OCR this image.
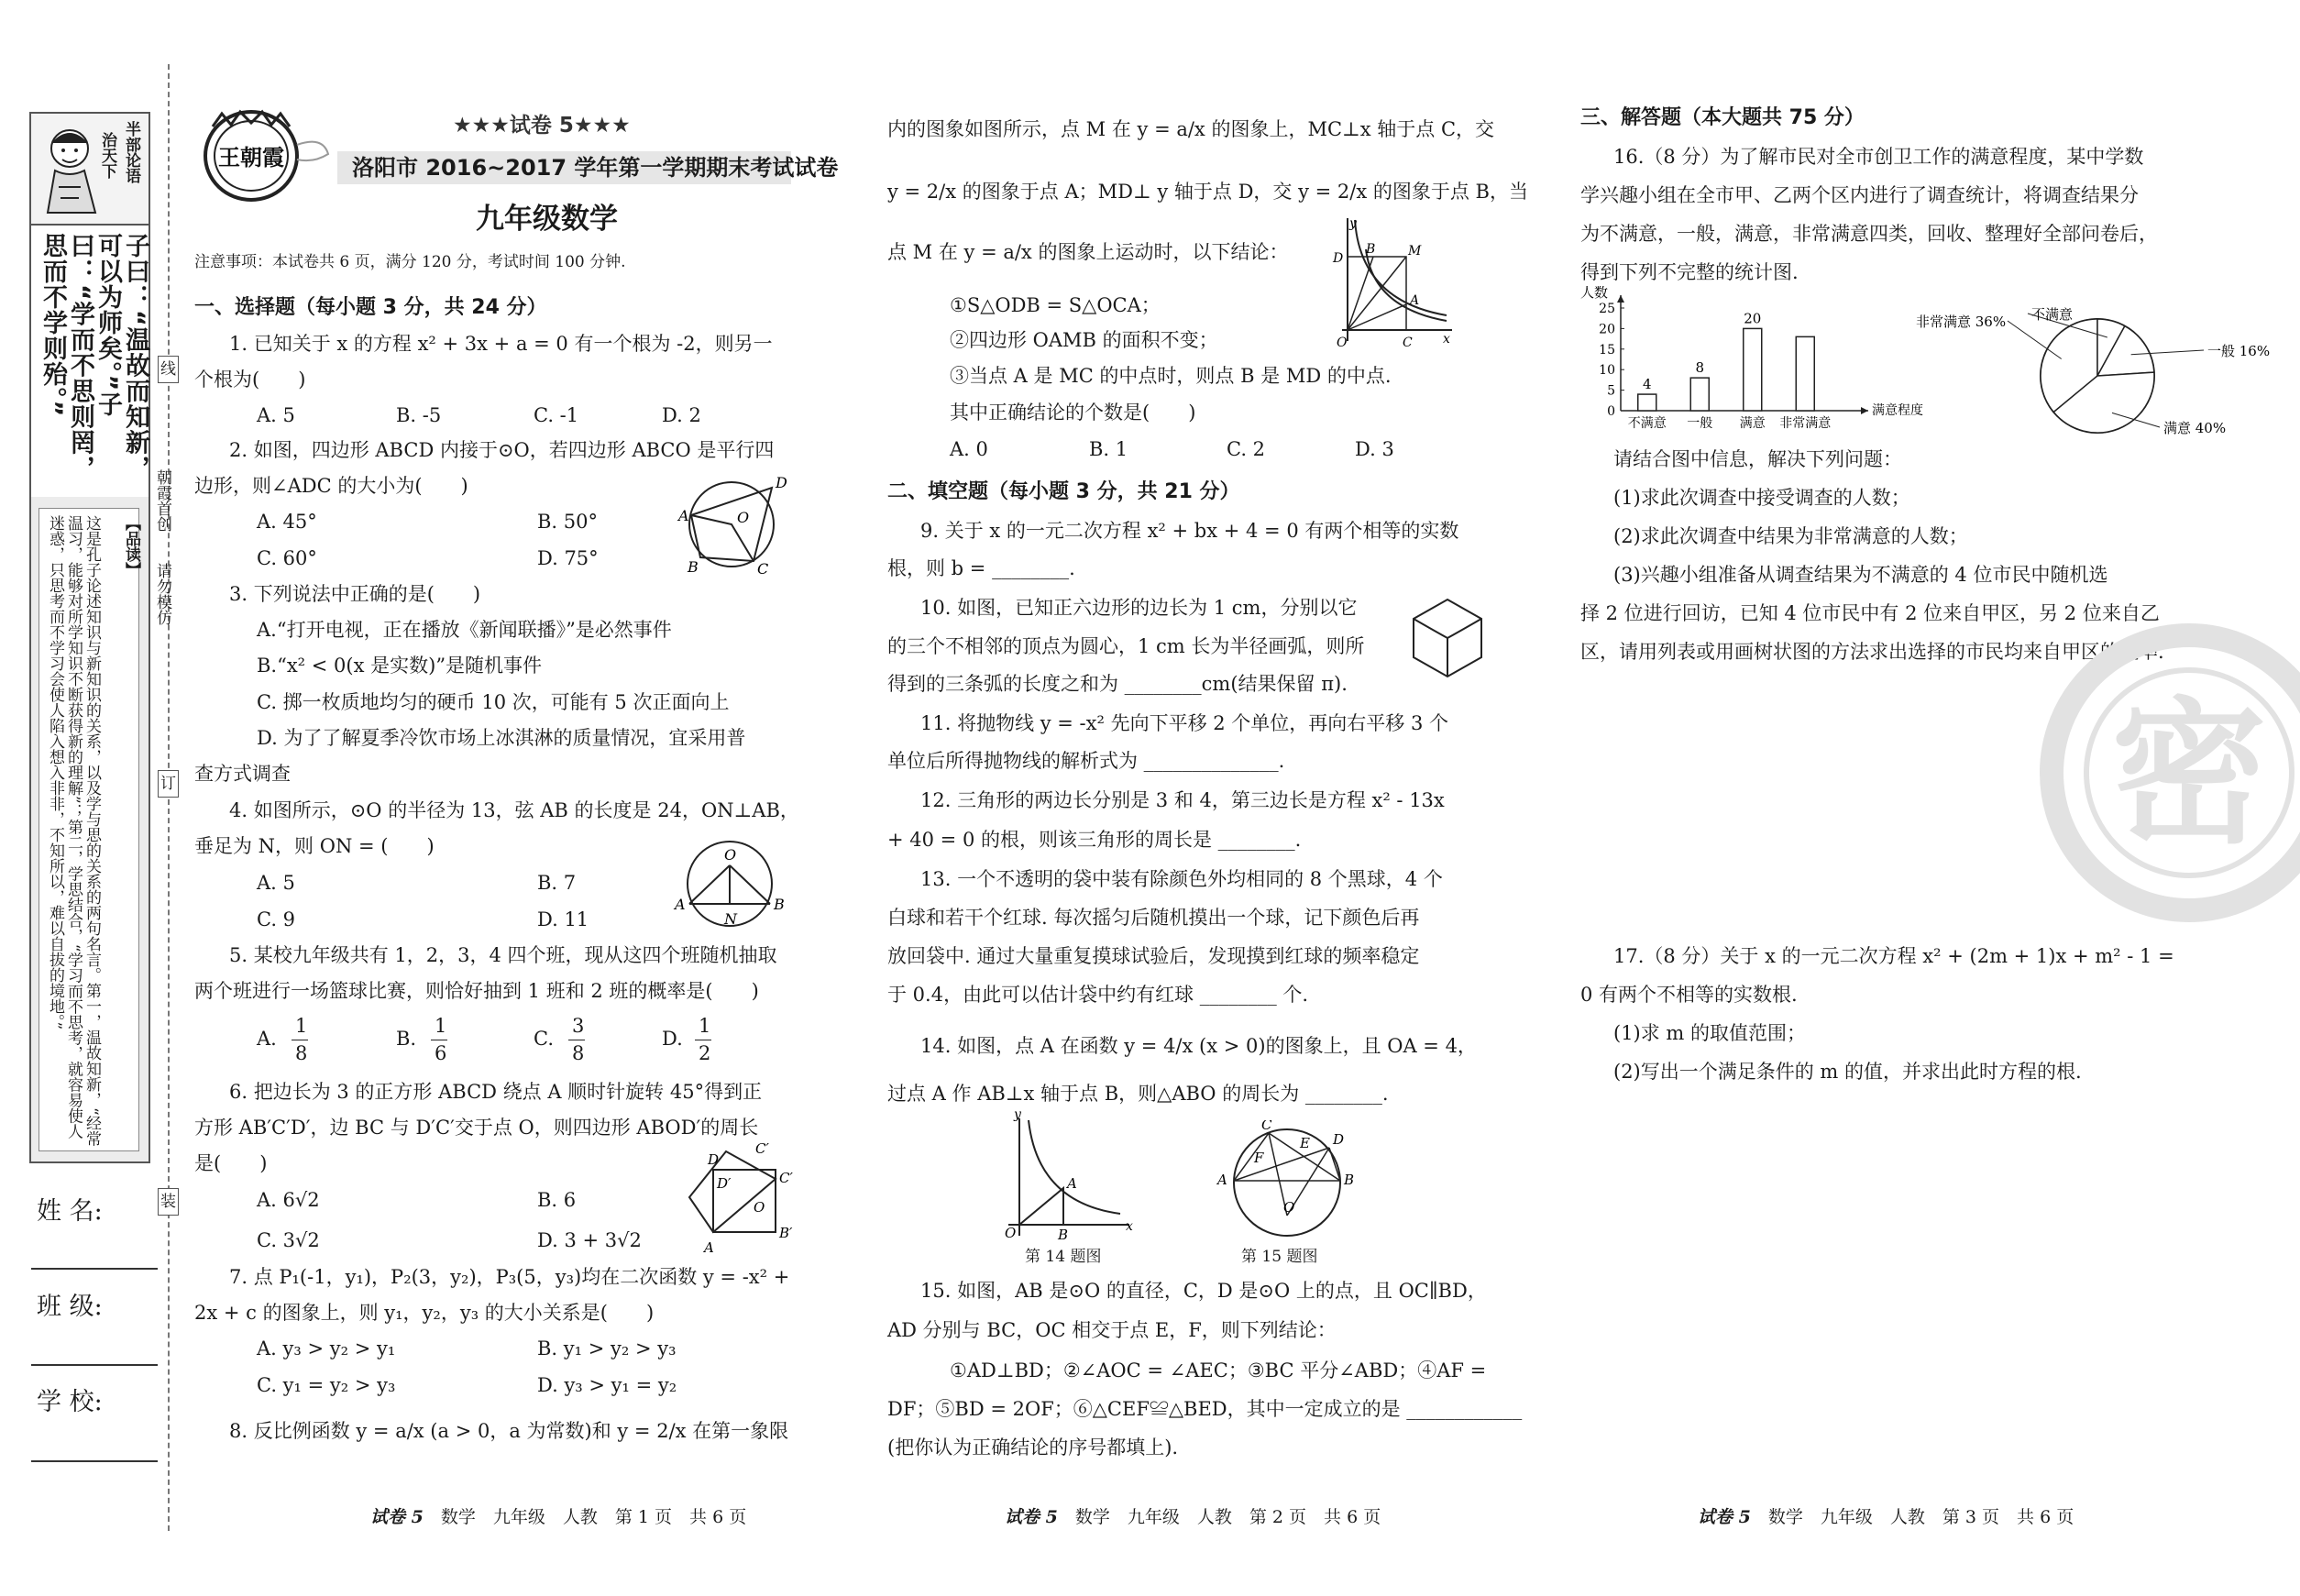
半部论语
治天下
子曰：“温故而知新，可以为师矣。”子曰：“学而不思则罔，思而不学则殆。”
【品读】
这是孔子论述知识与新知识的关系，以及学与思的关系的两句名言。第一，温故知新，“经常温习，能够对所学知识不断获得新的理解”；第二，学思结合，“学习而不思考，就容易使人迷惑，只思考而不学习会使人陷入想入非非，不知所以，难以自拔的境地。”
姓 名:
班 级:
学 校:
线
订
装
朝霞首创
请勿模仿
王朝霞
★★★试卷 5★★★
洛阳市 2016~2017 学年第一学期期末考试试卷
九年级数学
注意事项：本试卷共 6 页，满分 120 分，考试时间 100 分钟.
一、选择题（每小题 3 分，共 24 分）
1. 已知关于 x 的方程 x² + 3x + a = 0 有一个根为 -2，则另一
个根为(　　)
A. 5	B. -5	C. -1	D. 2
2. 如图，四边形 ABCD 内接于⊙O，若四边形 ABCO 是平行四
边形，则∠ADC 的大小为(　　)
A. 45°	B. 50°
C. 60°	D. 75°
A	O
D
B	C
3. 下列说法中正确的是(　　)
A.“打开电视，正在播放《新闻联播》”是必然事件
B.“x² < 0(x 是实数)”是随机事件
C. 掷一枚质地均匀的硬币 10 次，可能有 5 次正面向上
D. 为了了解夏季冷饮市场上冰淇淋的质量情况，宜采用普
查方式调查
4. 如图所示，⊙O 的半径为 13，弦 AB 的长度是 24，ON⊥AB，
垂足为 N，则 ON = (　　)
A. 5	B. 7
C. 9	D. 11
O
A	B
N
5. 某校九年级共有 1，2，3，4 四个班，现从这四个班随机抽取
两个班进行一场篮球比赛，则恰好抽到 1 班和 2 班的概率是(　　)
A.	B.	C.	D.
1
8
1
6
3
8
1
2
6. 把边长为 3 的正方形 ABCD 绕点 A 顺时针旋转 45°得到正
方形 AB′C′D′，边 BC 与 D′C′交于点 O，则四边形 ABOD′的周长
是(　　)
A. 6√2	B. 6
C. 3√2	D. 3 + 3√2
D
D′
C′
C′
O
A
B′
7. 点 P₁(-1，y₁)，P₂(3，y₂)，P₃(5，y₃)均在二次函数 y = -x² +
2x + c 的图象上，则 y₁，y₂，y₃ 的大小关系是(　　)
A. y₃ > y₂ > y₁	B. y₁ > y₂ > y₃
C. y₁ = y₂ > y₃	D. y₃ > y₁ = y₂
8. 反比例函数 y = a/x (a > 0，a 为常数)和 y = 2/x 在第一象限
试卷 5　 数学　九年级　人教　第 1 页　共 6 页
内的图象如图所示，点 M 在 y = a/x 的图象上，MC⊥x 轴于点 C，交
y = 2/x 的图象于点 A；MD⊥ y 轴于点 D，交 y = 2/x 的图象于点 B，当
点 M 在 y = a/x 的图象上运动时，以下结论：
y
D
B	M
A
O	C x
①S△ODB = S△OCA；
②四边形 OAMB 的面积不变；
③当点 A 是 MC 的中点时，则点 B 是 MD 的中点.
其中正确结论的个数是(　　)
A. 0	B. 1	C. 2	D. 3
二、填空题（每小题 3 分，共 21 分）
9. 关于 x 的一元二次方程 x² + bx + 4 = 0 有两个相等的实数
根，则 b = ________.
10. 如图，已知正六边形的边长为 1 cm，分别以它
的三个不相邻的顶点为圆心，1 cm 长为半径画弧，则所
得到的三条弧的长度之和为 ________cm(结果保留 π).
11. 将抛物线 y = -x² 先向下平移 2 个单位，再向右平移 3 个
单位后所得抛物线的解析式为 ______________.
12. 三角形的两边长分别是 3 和 4，第三边长是方程 x² - 13x
+ 40 = 0 的根，则该三角形的周长是 ________.
13. 一个不透明的袋中装有除颜色外均相同的 8 个黑球，4 个
白球和若干个红球. 每次摇匀后随机摸出一个球，记下颜色后再
放回袋中. 通过大量重复摸球试验后，发现摸到红球的频率稳定
于 0.4，由此可以估计袋中约有红球 ________ 个.
14. 如图，点 A 在函数 y = 4/x (x > 0)的图象上，且 OA = 4，
过点 A 作 AB⊥x 轴于点 B，则△ABO 的周长为 ________.
y
A
O	B	x
第 14 题图
A	B
C
D
E
F
O
第 15 题图
15. 如图，AB 是⊙O 的直径，C，D 是⊙O 上的点，且 OC∥BD，
AD 分别与 BC，OC 相交于点 E，F，则下列结论：
①AD⊥BD；②∠AOC = ∠AEC；③BC 平分∠ABD；④AF =
DF；⑤BD = 2OF；⑥△CEF≌△BED，其中一定成立的是 ____________
(把你认为正确结论的序号都填上).
试卷 5　 数学　九年级　人教　第 2 页　共 6 页
三、解答题（本大题共 75 分）
16.（8 分）为了解市民对全市创卫工作的满意程度，某中学数
学兴趣小组在全市甲、乙两个区内进行了调查统计，将调查结果分
为不满意，一般，满意，非常满意四类，回收、整理好全部问卷后，
得到下列不完整的统计图.
人数
满意程度
0
5
10
15
20
25
不满意
4
一般
8
满意
20
非常满意
非常满意 36% 不满意
一般 16%
满意 40%
请结合图中信息，解决下列问题：
(1)求此次调查中接受调查的人数；
(2)求此次调查中结果为非常满意的人数；
(3)兴趣小组准备从调查结果为不满意的 4 位市民中随机选
择 2 位进行回访，已知 4 位市民中有 2 位来自甲区，另 2 位来自乙
区，请用列表或用画树状图的方法求出选择的市民均来自甲区的概率.
密
17.（8 分）关于 x 的一元二次方程 x² + (2m + 1)x + m² - 1 =
0 有两个不相等的实数根.
(1)求 m 的取值范围；
(2)写出一个满足条件的 m 的值，并求出此时方程的根.
试卷 5　 数学　九年级　人教　第 3 页　共 6 页
